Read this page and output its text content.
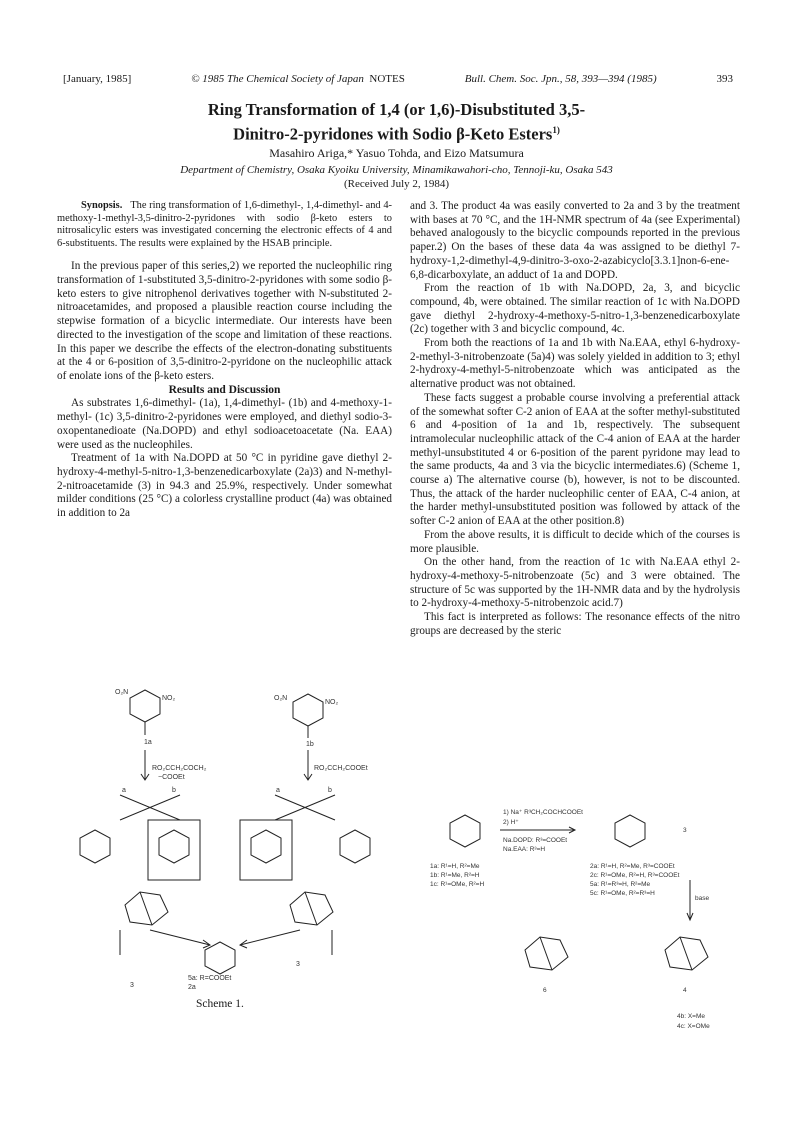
[January, 1985]	© 1985 The Chemical Society of Japan NOTES	Bull. Chem. Soc. Jpn., 58, 393—394 (1985)	393
Ring Transformation of 1,4 (or 1,6)-Disubstituted 3,5-
Dinitro-2-pyridones with Sodio β-Keto Esters$^{1)}$
Masahiro Ariga,* Yasuo Tohda, and Eizo Matsumura
Department of Chemistry, Osaka Kyoiku University, Minamikawahori-cho, Tennoji-ku, Osaka 543
(Received July 2, 1984)

Synopsis. The ring transformation of 1,6-dimethyl-, 1,4-dimethyl- and 4-methoxy-1-methyl-3,5-dinitro-2-pyridones with sodio β-keto esters to nitrosalicylic esters was investigated concerning the electronic effects of 4 and 6-substituents. The results were explained by the HSAB principle.

In the previous paper of this series,2) we reported the nucleophilic ring transformation of 1-substituted 3,5-dinitro-2-pyridones with some sodio β-keto esters to give nitrophenol derivatives together with N-substituted 2-nitroacetamides, and proposed a plausible reaction course including the stepwise formation of a bicyclic intermediate. Our interests have been directed to the investigation of the scope and limitation of these reactions. In this paper we describe the effects of the electron-donating substituents at the 4 or 6-position of 3,5-dinitro-2-pyridone on the nucleophilic attack of enolate ions of the β-keto esters.

Results and Discussion

As substrates 1,6-dimethyl- (1a), 1,4-dimethyl- (1b) and 4-methoxy-1-methyl- (1c) 3,5-dinitro-2-pyridones were employed, and diethyl sodio-3-oxopentanedioate (Na.DOPD) and ethyl sodioacetoacetate (Na. EAA) were used as the nucleophiles.

Treatment of 1a with Na.DOPD at 50 °C in pyridine gave diethyl 2-hydroxy-4-methyl-5-nitro-1,3-benzenedicarboxylate (2a)3) and N-methyl-2-nitroacetamide (3) in 94.3 and 25.9%, respectively. Under somewhat milder conditions (25 °C) a colorless crystalline product (4a) was obtained in addition to 2a

and 3. The product 4a was easily converted to 2a and 3 by the treatment with bases at 70 °C, and the 1H-NMR spectrum of 4a (see Experimental) behaved analogously to the bicyclic compounds reported in the previous paper.2) On the bases of these data 4a was assigned to be diethyl 7-hydroxy-1,2-dimethyl-4,9-dinitro-3-oxo-2-azabicyclo[3.3.1]non-6-ene-6,8-dicarboxylate, an adduct of 1a and DOPD.

From the reaction of 1b with Na.DOPD, 2a, 3, and bicyclic compound, 4b, were obtained. The similar reaction of 1c with Na.DOPD gave diethyl 2-hydroxy-4-methoxy-5-nitro-1,3-benzenedicarboxylate (2c) together with 3 and bicyclic compound, 4c.

From both the reactions of 1a and 1b with Na.EAA, ethyl 6-hydroxy-2-methyl-3-nitrobenzoate (5a)4) was solely yielded in addition to 3; ethyl 2-hydroxy-4-methyl-5-nitrobenzoate which was anticipated as the alternative product was not obtained.

These facts suggest a probable course involving a preferential attack of the somewhat softer C-2 anion of EAA at the softer methyl-substituted 6 and 4-position of 1a and 1b, respectively. The subsequent intramolecular nucleophilic attack of the C-4 anion of EAA at the harder methyl-unsubstituted 4 or 6-position of the parent pyridone may lead to the same products, 4a and 3 via the bicyclic intermediates.6) (Scheme 1, course a) The alternative course (b), however, is not to be discounted. Thus, the attack of the harder nucleophilic center of EAA, C-4 anion, at the harder methyl-unsubstituted position was followed by attack of the softer C-2 anion of EAA at the other position.8)

From the above results, it is difficult to decide which of the courses is more plausible.

On the other hand, from the reaction of 1c with Na.EAA ethyl 2-hydroxy-4-methoxy-5-nitrobenzoate (5c) and 3 were obtained. The structure of 5c was supported by the 1H-NMR data and by the hydrolysis to 2-hydroxy-4-methoxy-5-nitrobenzoic acid.7)

This fact is interpreted as follows: The resonance effects of the nitro groups are decreased by the steric

O₂N
NO₂
1a
O₂N
NO₂
1b
RO₂CCH₂COCH₂
−COOEt
RO₂CCH₂COOEt
a	b	a	b
3
5a: R=COOEt
2a
3
Scheme 1.
1) Na⁺ R³CH₂COCHCOOEt
2) H⁺
Na.DOPD: R³=COOEt
Na.EAA: R³=H
1a: R¹=H, R²=Me
1b: R¹=Me, R²=H
1c: R¹=OMe, R²=H
2a: R¹=H, R²=Me, R³=COOEt
2c: R¹=OMe, R²=H, R³=COOEt
5a: R¹=R³=H, R²=Me
5c: R¹=OMe, R²=R³=H
3
base
6	4
4b: X=Me
4c: X=OMe
